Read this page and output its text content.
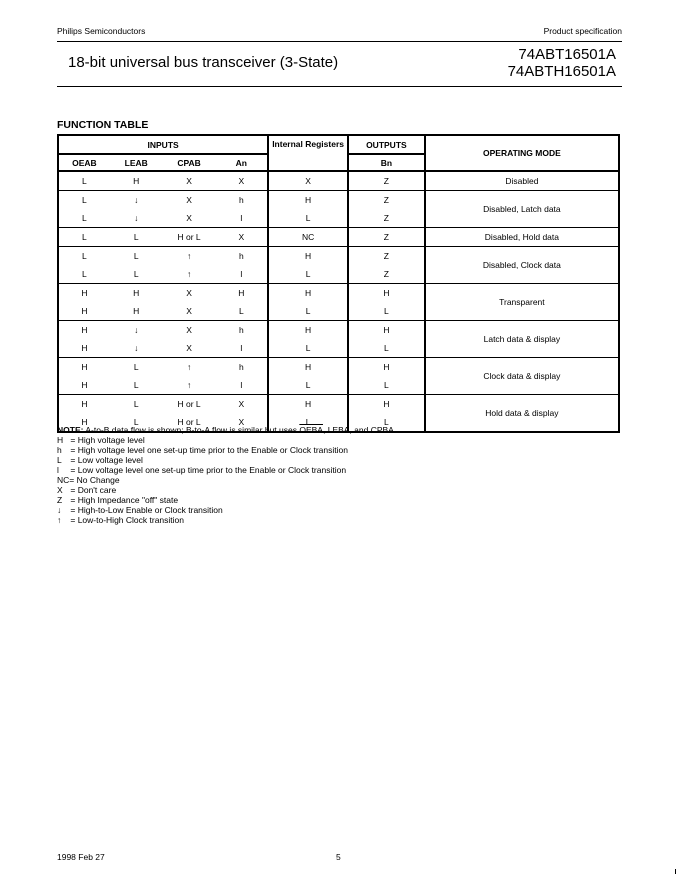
Philips Semiconductors	Product specification
18-bit universal bus transceiver (3-State)	74ABT16501A
74ABTH16501A
FUNCTION TABLE
INPUTS				Internal Registers	OUTPUTS	OPERATING MODE
OEAB	LEAB	CPAB	An		Bn	
L	H	X	X	X	Z	Disabled
L	↓	X	h	H	Z	Disabled, Latch data
L	↓	X	l	L	Z	
L	L	H or L	X	NC	Z	Disabled, Hold data
L	L	↑	h	H	Z	Disabled, Clock data
L	L	↑	l	L	Z	
H	H	X	H	H	H	Transparent
H	H	X	L	L	L	
H	↓	X	h	H	H	Latch data & display
H	↓	X	l	L	L	
H	L	↑	h	H	H	Clock data & display
H	L	↑	l	L	L	
H	L	H or L	X	H	H	Hold data & display
H	L	H or L	X	L	L	
NOTE: A-to-B data flow is shown; B-to-A flow is similar but uses OEBA, LEBA, and CPBA.
H = High voltage level
h = High voltage level one set-up time prior to the Enable or Clock transition
L = Low voltage level
l = Low voltage level one set-up time prior to the Enable or Clock transition
NC= No Change
X = Don't care
Z = High Impedance "off" state
↓ = High-to-Low Enable or Clock transition
↑ = Low-to-High Clock transition
1998 Feb 27	5
